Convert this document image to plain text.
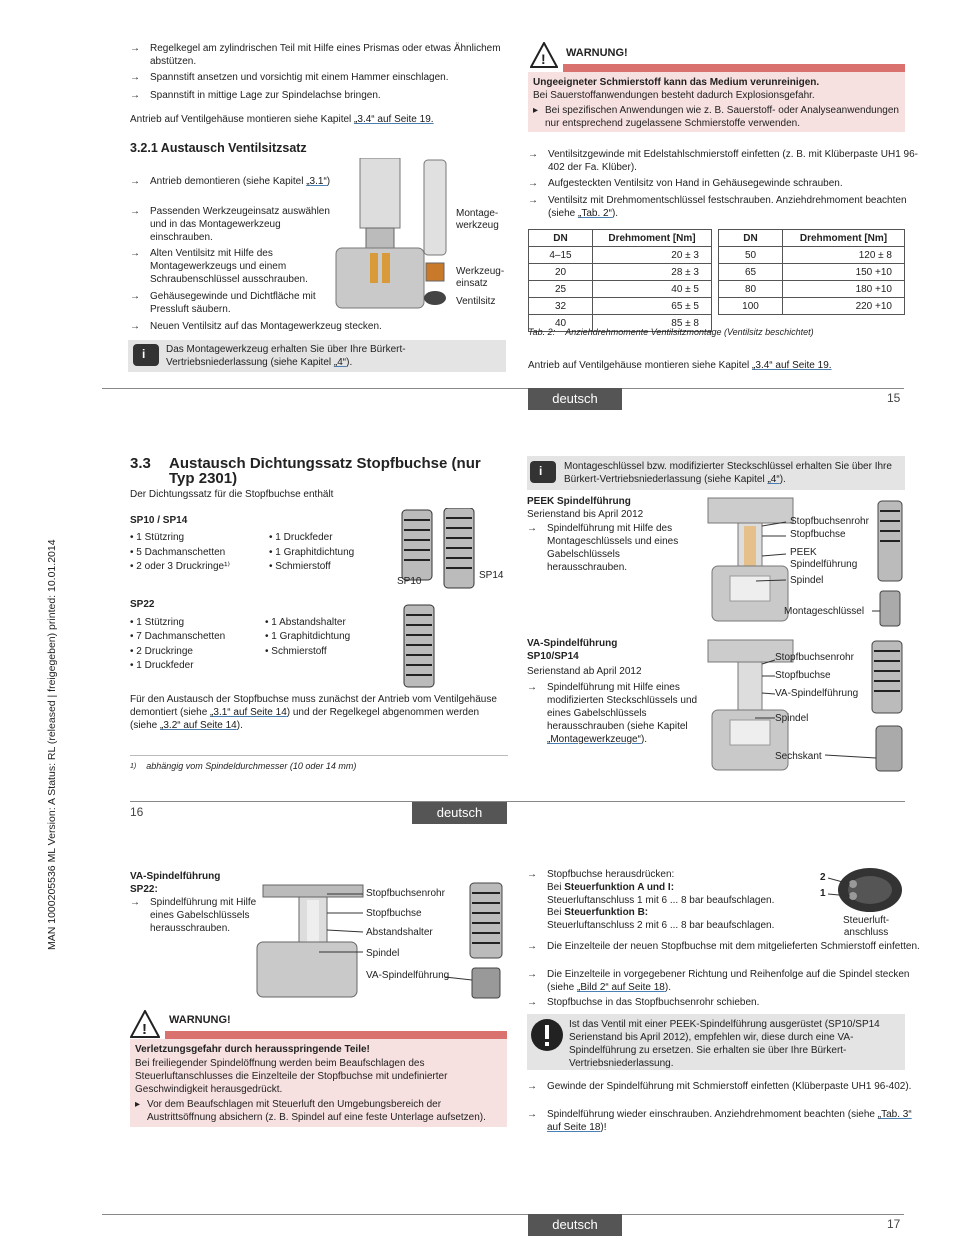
MAN 1000205536 ML Version: A Status: RL (released | freigegeben) printed: 10.01.2014
→ Regelkegel am zylindrischen Teil mit Hilfe eines Prismas oder etwas Ähnlichem abstützen.
→ Spannstift ansetzen und vorsichtig mit einem Hammer einschlagen.
→ Spannstift in mittige Lage zur Spindelachse bringen.
Antrieb auf Ventilgehäuse montieren siehe Kapitel „3.4“ auf Seite 19.
3.2.1 Austausch Ventilsitzsatz
→ Antrieb demontieren (siehe Kapitel „3.1“)
→ Passenden Werkzeugeinsatz auswählen und in das Montagewerkzeug einschrauben.
→ Alten Ventilsitz mit Hilfe des Montagewerkzeugs und einem Schraubenschlüssel ausschrauben.
→ Gehäusegewinde und Dichtfläche mit Pressluft säubern.
→ Neuen Ventilsitz auf das Montagewerkzeug stecken.
Montage-
werkzeug
Werkzeug-
einsatz
Ventilsitz
i Das Montagewerkzeug erhalten Sie über Ihre Bürkert-Vertriebsniederlassung (siehe Kapitel „4“).
! WARNUNG!
Ungeeigneter Schmierstoff kann das Medium verunreinigen.
Bei Sauerstoffanwendungen besteht dadurch Explosionsgefahr.
▸ Bei spezifischen Anwendungen wie z. B. Sauerstoff- oder Analyseanwendungen nur entsprechend zugelassene Schmierstoffe verwenden.
→ Ventilsitzgewinde mit Edelstahlschmierstoff einfetten (z. B. mit Klüberpaste UH1 96-402 der Fa. Klüber).
→ Aufgesteckten Ventilsitz von Hand in Gehäusegewinde schrauben.
→ Ventilsitz mit Drehmomentschlüssel festschrauben. Anziehdrehmoment beachten (siehe „Tab. 2“).
DN	Drehmoment [Nm]
4–15	20 ± 3
20	28 ± 3
25	40 ± 5
32	65 ± 5
40	85 ± 8
DN	Drehmoment [Nm]
50	120 ± 8
65	150 +10
80	180 +10
100	220 +10
Tab. 2: Anziehdrehmomente Ventilsitzmontage (Ventilsitz beschichtet)
Antrieb auf Ventilgehäuse montieren siehe Kapitel „3.4“ auf Seite 19.
deutsch	15
3.3 Austausch Dichtungssatz Stopfbuchse (nur Typ 2301)
Der Dichtungssatz für die Stopfbuchse enthält
SP10 / SP14
• 1 Stützring
• 5 Dachmanschetten
• 2 oder 3 Druckringe¹⁾
• 1 Druckfeder
• 1 Graphitdichtung
• Schmierstoff
SP10
SP14
SP22
• 1 Stützring
• 7 Dachmanschetten
• 2 Druckringe
• 1 Druckfeder
• 1 Abstandshalter
• 1 Graphitdichtung
• Schmierstoff
Für den Austausch der Stopfbuchse muss zunächst der Antrieb vom Ventilgehäuse demontiert (siehe „3.1“ auf Seite 14) und der Regelkegel abgenommen werden (siehe „3.2“ auf Seite 14).
$^{1)}$ abhängig vom Spindeldurchmesser (10 oder 14 mm)
i Montageschlüssel bzw. modifizierter Steckschlüssel erhalten Sie über Ihre Bürkert-Vertriebsniederlassung (siehe Kapitel „4“).
PEEK Spindelführung
Serienstand bis April 2012
→ Spindelführung mit Hilfe des Montageschlüssels und eines Gabelschlüssels herausschrauben.
Stopfbuchsenrohr
Stopfbuchse
PEEK
Spindelführung
Spindel
Montageschlüssel
VA-Spindelführung
SP10/SP14
Serienstand ab April 2012
→ Spindelführung mit Hilfe eines modifizierten Steckschlüssels und eines Gabelschlüssels herausschrauben (siehe Kapitel „Montagewerkzeuge“).
Stopfbuchsenrohr
Stopfbuchse
VA-Spindelführung
Spindel
Sechskant
16	deutsch
VA-Spindelführung
SP22:
→ Spindelführung mit Hilfe eines Gabelschlüssels herausschrauben.
Stopfbuchsenrohr
Stopfbuchse
Abstandshalter
Spindel
VA-Spindelführung
!
WARNUNG!
Verletzungsgefahr durch herausspringende Teile!
Bei freiliegender Spindelöffnung werden beim Beaufschlagen des Steuerluftanschlusses die Einzelteile der Stopfbuchse mit undefinierter Geschwindigkeit herausgedrückt.
▸ Vor dem Beaufschlagen mit Steuerluft den Umgebungsbereich der Austrittsöffnung absichern (z. B. Spindel auf eine feste Unterlage aufsetzen).
→ Stopfbuchse herausdrücken:
Bei Steuerfunktion A und I:
Steuerluftanschluss 1 mit 6 ... 8 bar beaufschlagen.
Bei Steuerfunktion B:
Steuerluftanschluss 2 mit 6 ... 8 bar beaufschlagen.
2
1
Steuerluft-
anschluss
→ Die Einzelteile der neuen Stopfbuchse mit dem mitgelieferten Schmierstoff einfetten.
→ Die Einzelteile in vorgegebener Richtung und Reihenfolge auf die Spindel stecken (siehe „Bild 2“ auf Seite 18).
→ Stopfbuchse in das Stopfbuchsenrohr schieben.
Ist das Ventil mit einer PEEK-Spindelführung ausgerüstet (SP10/SP14 Serienstand bis April 2012), empfehlen wir, diese durch eine VA-Spindelführung zu ersetzen. Sie erhalten sie über Ihre Bürkert-Vertriebsniederlassung.
→ Gewinde der Spindelführung mit Schmierstoff einfetten (Klüberpaste UH1 96-402).
→ Spindelführung wieder einschrauben. Anziehdrehmoment beachten (siehe „Tab. 3“ auf Seite 18)!
deutsch	17
